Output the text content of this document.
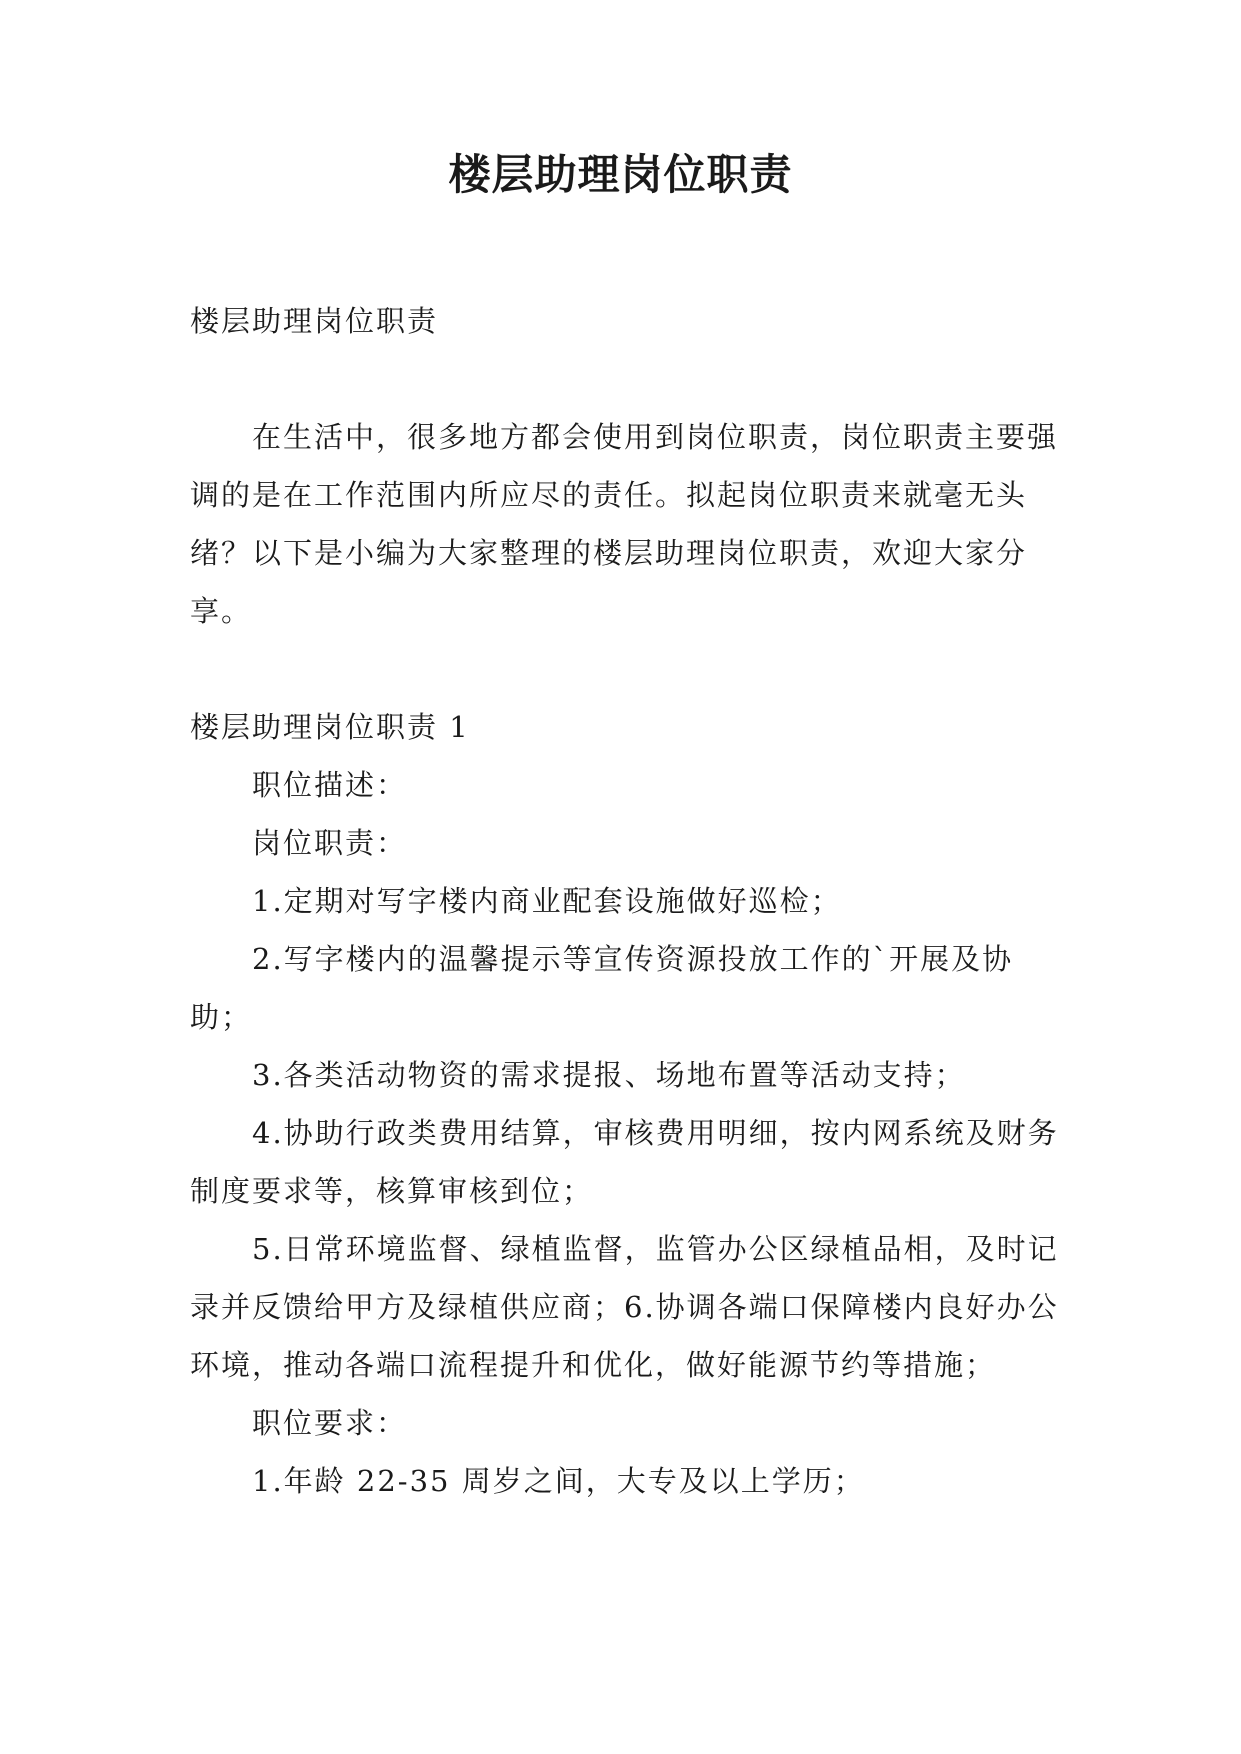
楼层助理岗位职责

楼层助理岗位职责

在生活中，很多地方都会使用到岗位职责，岗位职责主要强调的是在工作范围内所应尽的责任。拟起岗位职责来就毫无头绪？以下是小编为大家整理的楼层助理岗位职责，欢迎大家分享。

楼层助理岗位职责 1

职位描述：

岗位职责：

1.定期对写字楼内商业配套设施做好巡检；

2.写字楼内的温馨提示等宣传资源投放工作的`开展及协助；

3.各类活动物资的需求提报、场地布置等活动支持；

4.协助行政类费用结算，审核费用明细，按内网系统及财务制度要求等，核算审核到位；

5.日常环境监督、绿植监督，监管办公区绿植品相，及时记录并反馈给甲方及绿植供应商；6.协调各端口保障楼内良好办公环境，推动各端口流程提升和优化，做好能源节约等措施；

职位要求：

1.年龄 22-35 周岁之间，大专及以上学历；
